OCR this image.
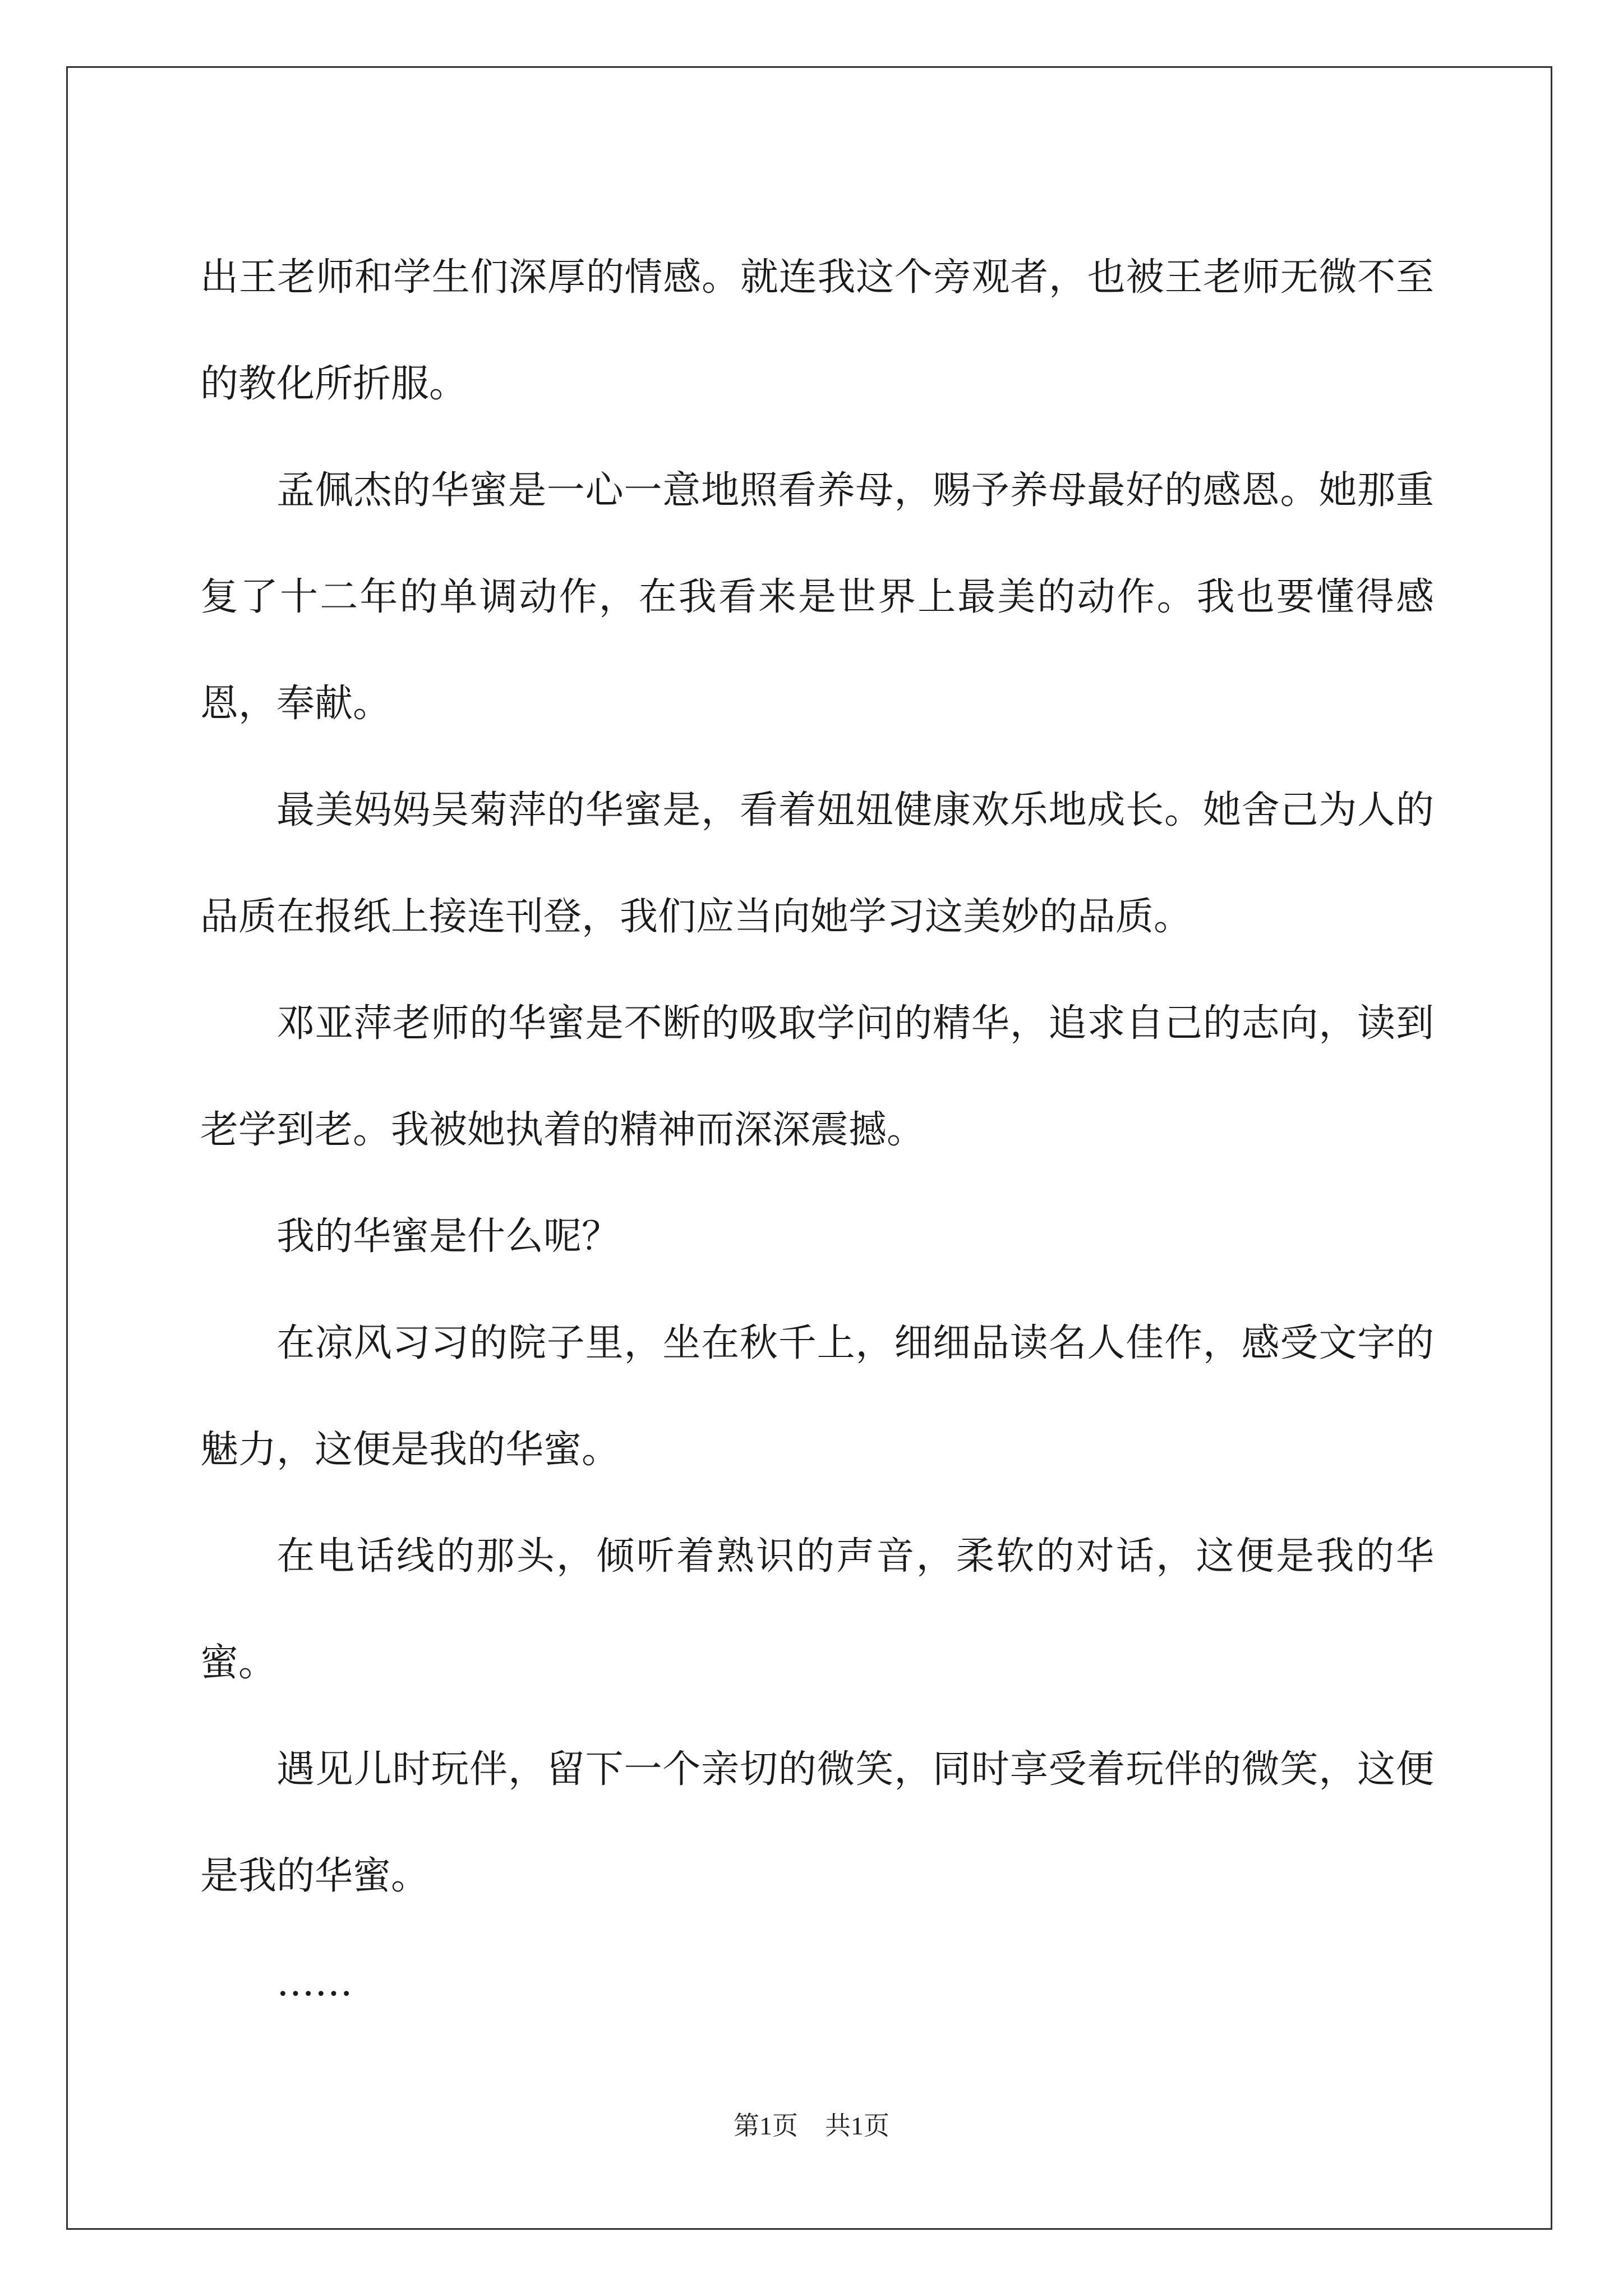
出王老师和学生们深厚的情感。就连我这个旁观者，也被王老师无微不至的教化所折服。

孟佩杰的华蜜是一心一意地照看养母，赐予养母最好的感恩。她那重复了十二年的单调动作，在我看来是世界上最美的动作。我也要懂得感恩，奉献。

最美妈妈吴菊萍的华蜜是，看着妞妞健康欢乐地成长。她舍己为人的品质在报纸上接连刊登，我们应当向她学习这美妙的品质。

邓亚萍老师的华蜜是不断的吸取学问的精华，追求自己的志向，读到老学到老。我被她执着的精神而深深震撼。

我的华蜜是什么呢？

在凉风习习的院子里，坐在秋千上，细细品读名人佳作，感受文字的魅力，这便是我的华蜜。

在电话线的那头，倾听着熟识的声音，柔软的对话，这便是我的华蜜。

遇见儿时玩伴，留下一个亲切的微笑，同时享受着玩伴的微笑，这便是我的华蜜。

……

第1页 共1页
